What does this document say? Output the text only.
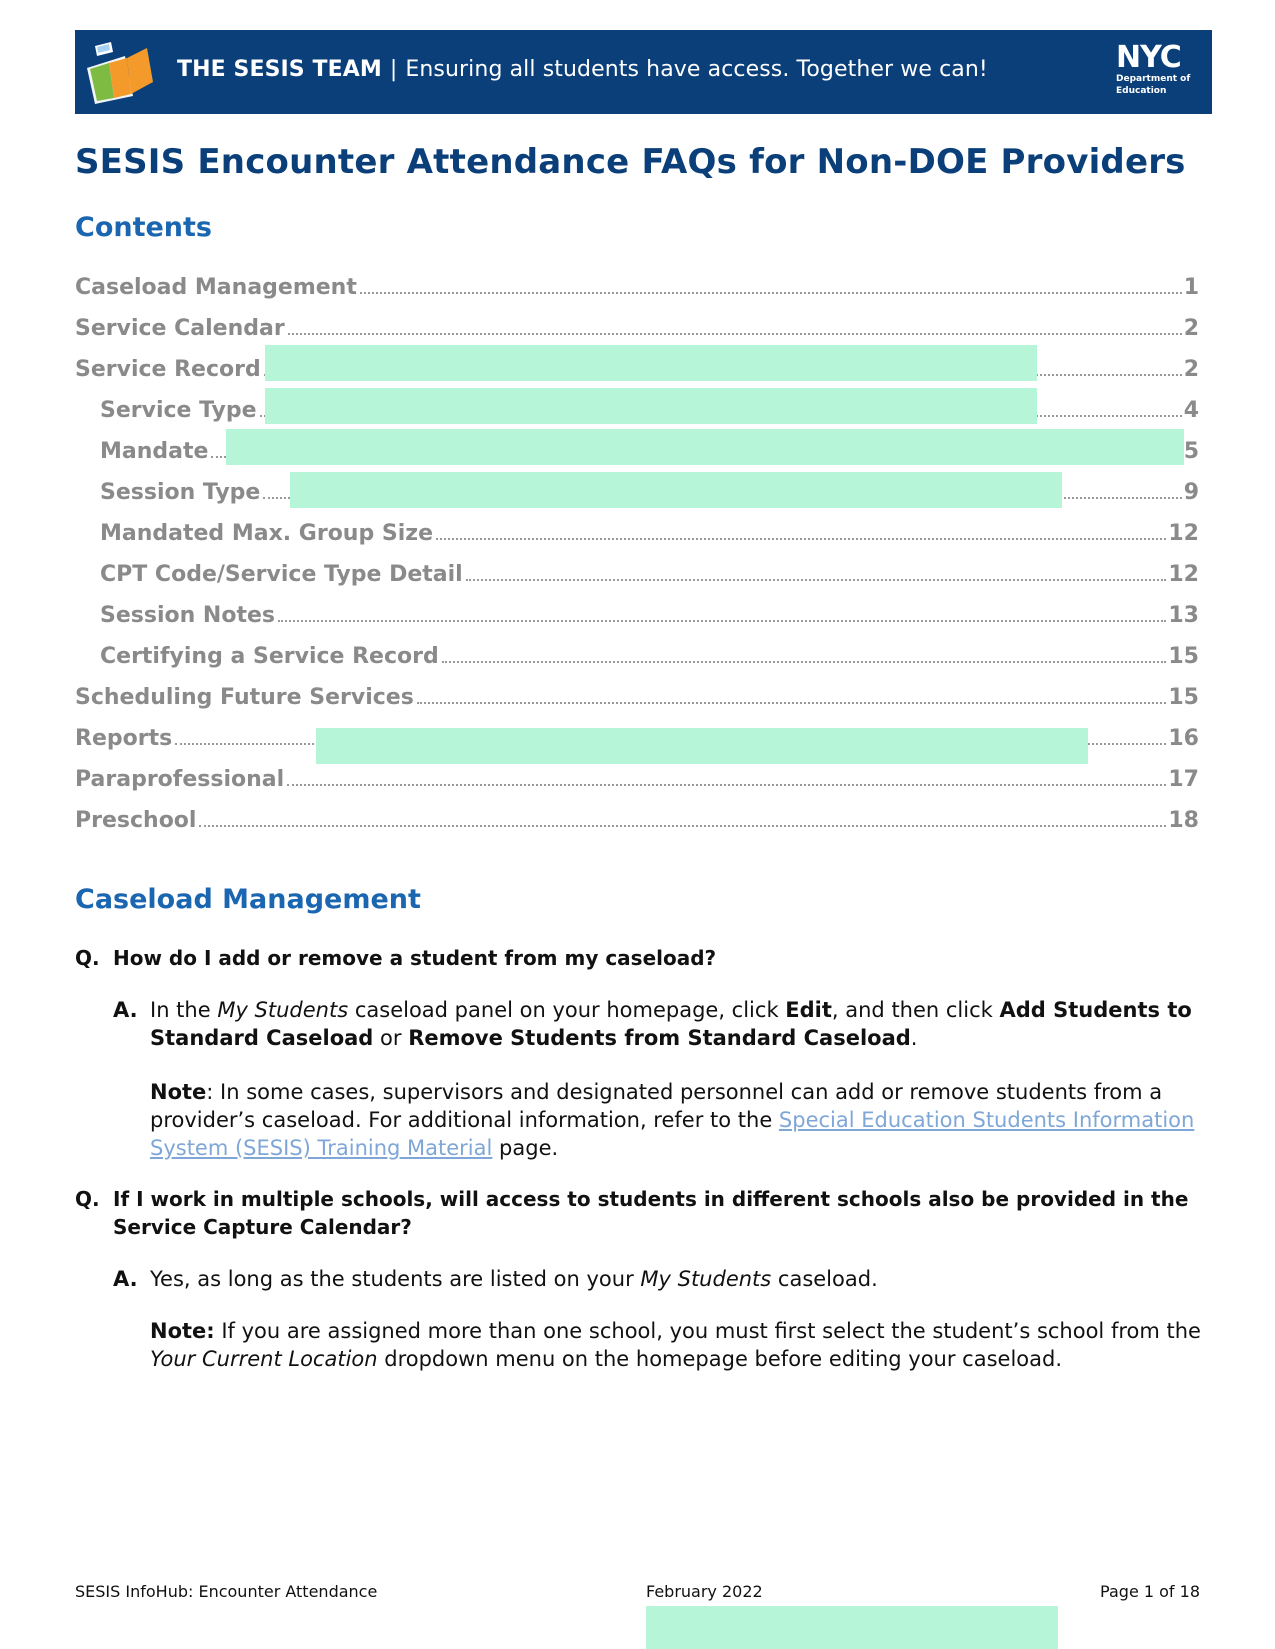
THE SESIS TEAM | Ensuring all students have access. Together we can!	NYC
Department of
Education
SESIS Encounter Attendance FAQs for Non-DOE Providers
Contents
Caseload Management	1
Service Calendar	2
Service Record	2
Service Type	4
Mandate	5
Session Type	9
Mandated Max. Group Size	12
CPT Code/Service Type Detail	12
Session Notes	13
Certifying a Service Record	15
Scheduling Future Services	15
Reports	16
Paraprofessional	17
Preschool	18
Caseload Management

Q. How do I add or remove a student from my caseload?

A. In the My Students caseload panel on your homepage, click Edit, and then click Add Students to Standard Caseload or Remove Students from Standard Caseload.

Note: In some cases, supervisors and designated personnel can add or remove students from a provider’s caseload. For additional information, refer to the Special Education Students Information System (SESIS) Training Material page.

Q. If I work in multiple schools, will access to students in different schools also be provided in the Service Capture Calendar?

A. Yes, as long as the students are listed on your My Students caseload.

Note: If you are assigned more than one school, you must first select the student’s school from the Your Current Location dropdown menu on the homepage before editing your caseload.

SESIS InfoHub: Encounter Attendance	February 2022	Page 1 of 18
